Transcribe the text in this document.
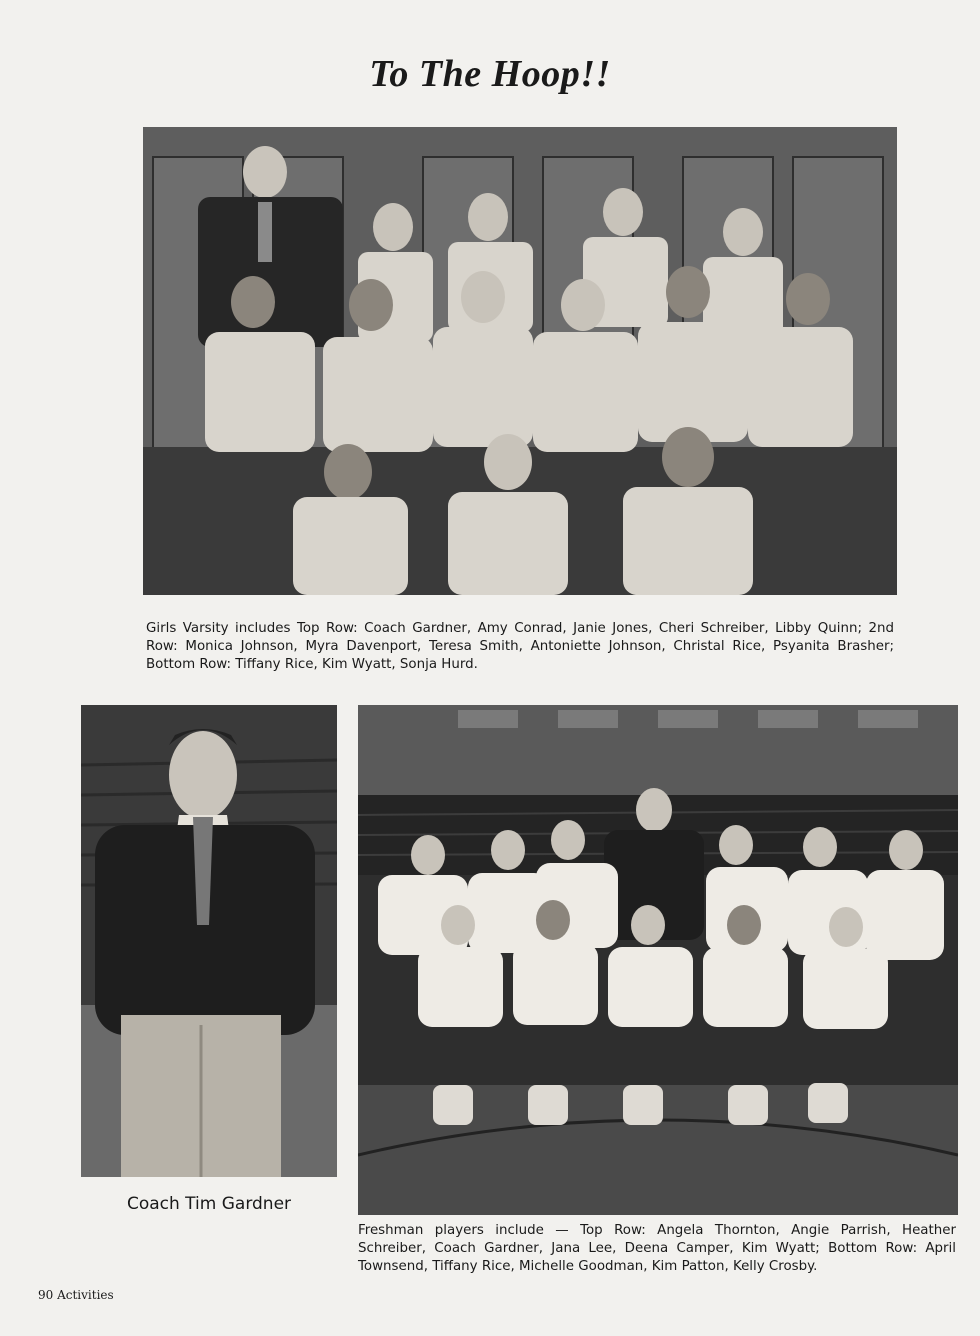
To The Hoop!!
Girls Varsity includes Top Row: Coach Gardner, Amy Conrad, Janie Jones, Cheri Schreiber, Libby Quinn; 2nd Row: Monica Johnson, Myra Davenport, Teresa Smith, Antoniette Johnson, Christal Rice, Psyanita Brasher; Bottom Row: Tiffany Rice, Kim Wyatt, Sonja Hurd.
Coach Tim Gardner
Freshman players include — Top Row: Angela Thornton, Angie Parrish, Heather Schreiber, Coach Gardner, Jana Lee, Deena Camper, Kim Wyatt; Bottom Row: April Townsend, Tiffany Rice, Michelle Goodman, Kim Patton, Kelly Crosby.
90 Activities
